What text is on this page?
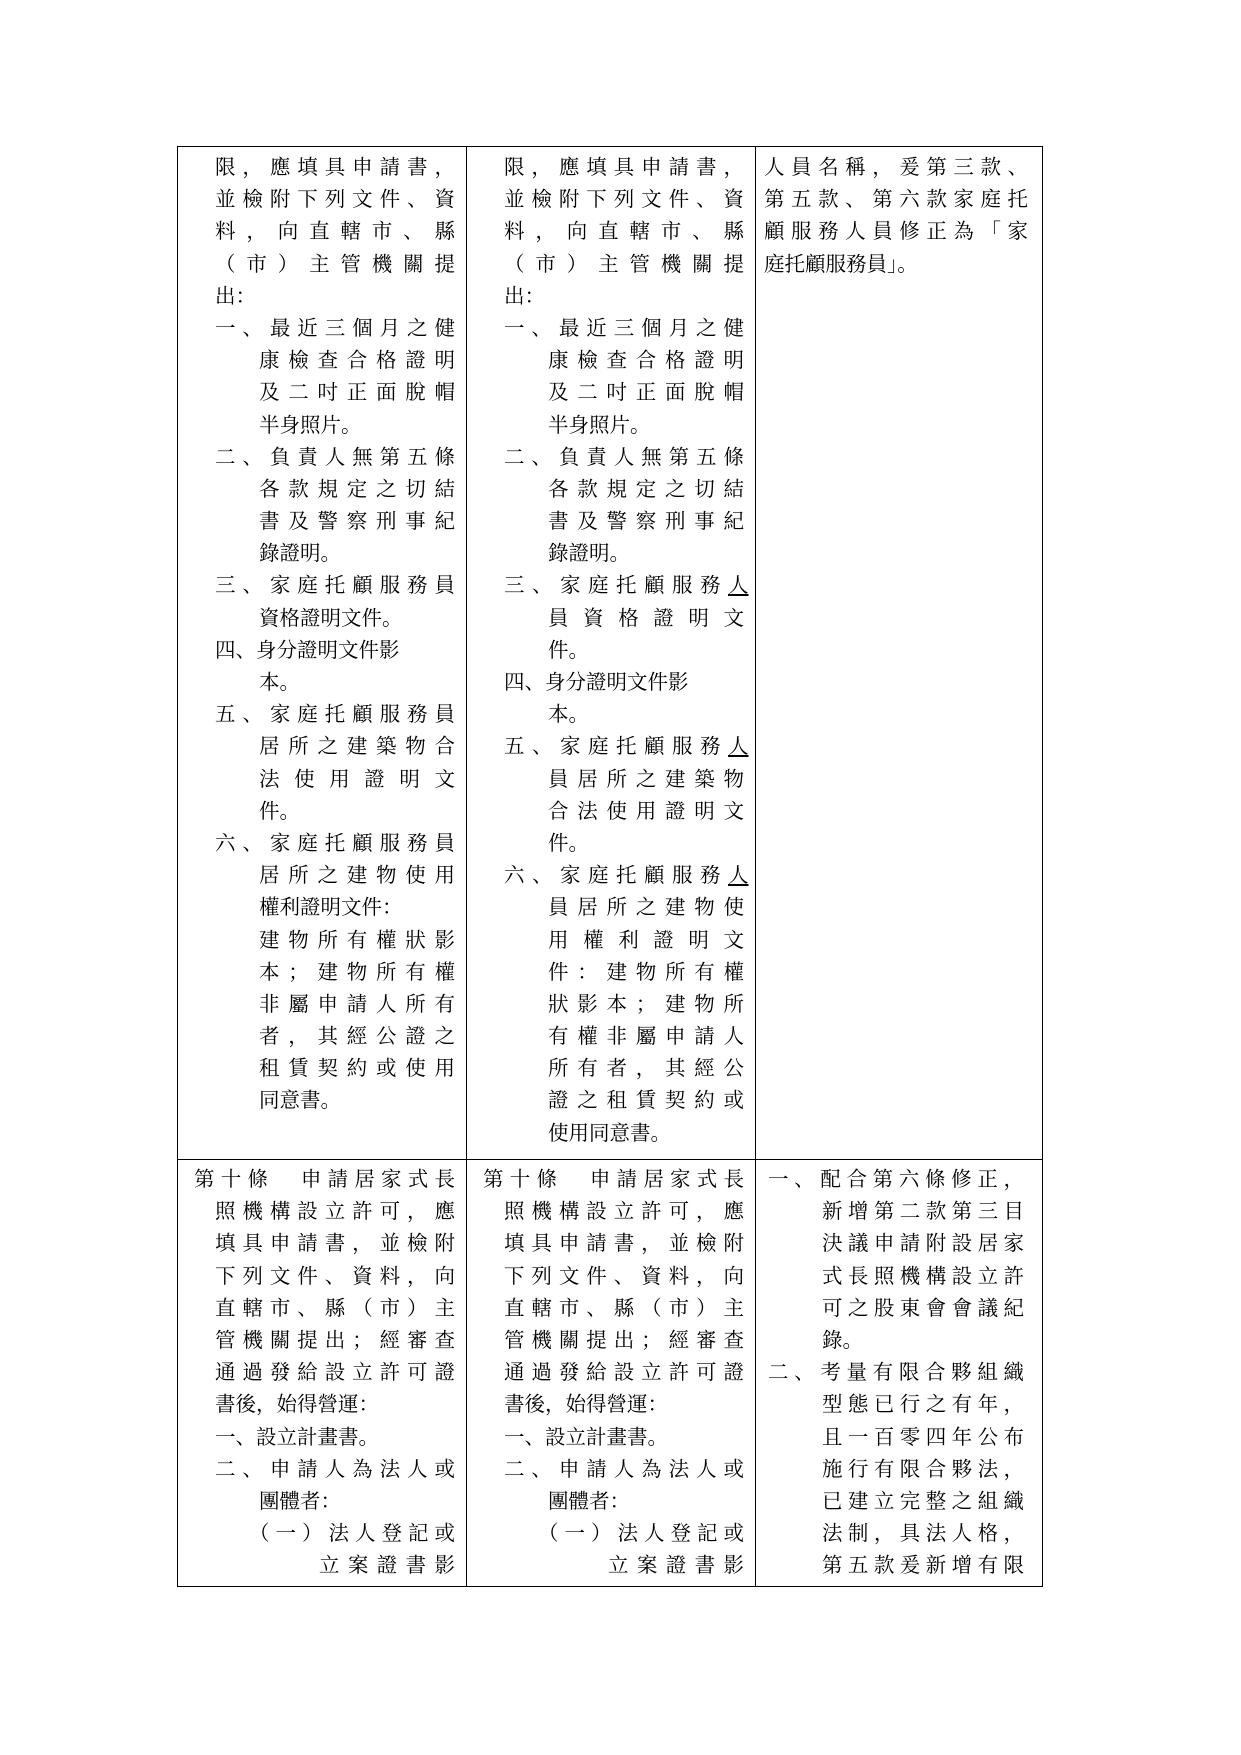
限，應填具申請書，
並檢附下列文件、資
料，向直轄市、縣
（市）主管機關提
出：
一、最近三個月之健
康檢查合格證明
及二吋正面脫帽
半身照片。
二、負責人無第五條
各款規定之切結
書及警察刑事紀
錄證明。
三、家庭托顧服務員
資格證明文件。
四、身分證明文件影
本。
五、家庭托顧服務員
居所之建築物合
法使用證明文
件。
六、家庭托顧服務員
居所之建物使用
權利證明文件：
建物所有權狀影
本；建物所有權
非屬申請人所有
者，其經公證之
租賃契約或使用
同意書。
限，應填具申請書，
並檢附下列文件、資
料，向直轄市、縣
（市）主管機關提
出：
一、最近三個月之健
康檢查合格證明
及二吋正面脫帽
半身照片。
二、負責人無第五條
各款規定之切結
書及警察刑事紀
錄證明。
三、家庭托顧服務 人
員資格證明文
件。
四、身分證明文件影
本。
五、家庭托顧服務 人
員居所之建築物
合法使用證明文
件。
六、家庭托顧服務 人
員居所之建物使
用權利證明文
件：建物所有權
狀影本；建物所
有權非屬申請人
所有者，其經公
證之租賃契約或
使用同意書。
人員名稱，爰第三款、
第五款、第六款家庭托
顧服務人員修正為「家
庭托顧服務員」。
第十條　申請居家式長
照機構設立許可，應
填具申請書，並檢附
下列文件、資料，向
直轄市、縣（市）主
管機關提出；經審查
通過發給設立許可證
書後，始得營運：
一、設立計畫書。
二、申請人為法人或
團體者：
（一）法人登記或
立案證書影
第十條　申請居家式長
照機構設立許可，應
填具申請書，並檢附
下列文件、資料，向
直轄市、縣（市）主
管機關提出；經審查
通過發給設立許可證
書後，始得營運：
一、設立計畫書。
二、申請人為法人或
團體者：
（一）法人登記或
立案證書影
一、配合第六條修正，
新增第二款第三目
決議申請附設居家
式長照機構設立許
可之股東會會議紀
錄。
二、考量有限合夥組織
型態已行之有年，
且一百零四年公布
施行有限合夥法，
已建立完整之組織
法制，具法人格，
第五款爰新增有限
